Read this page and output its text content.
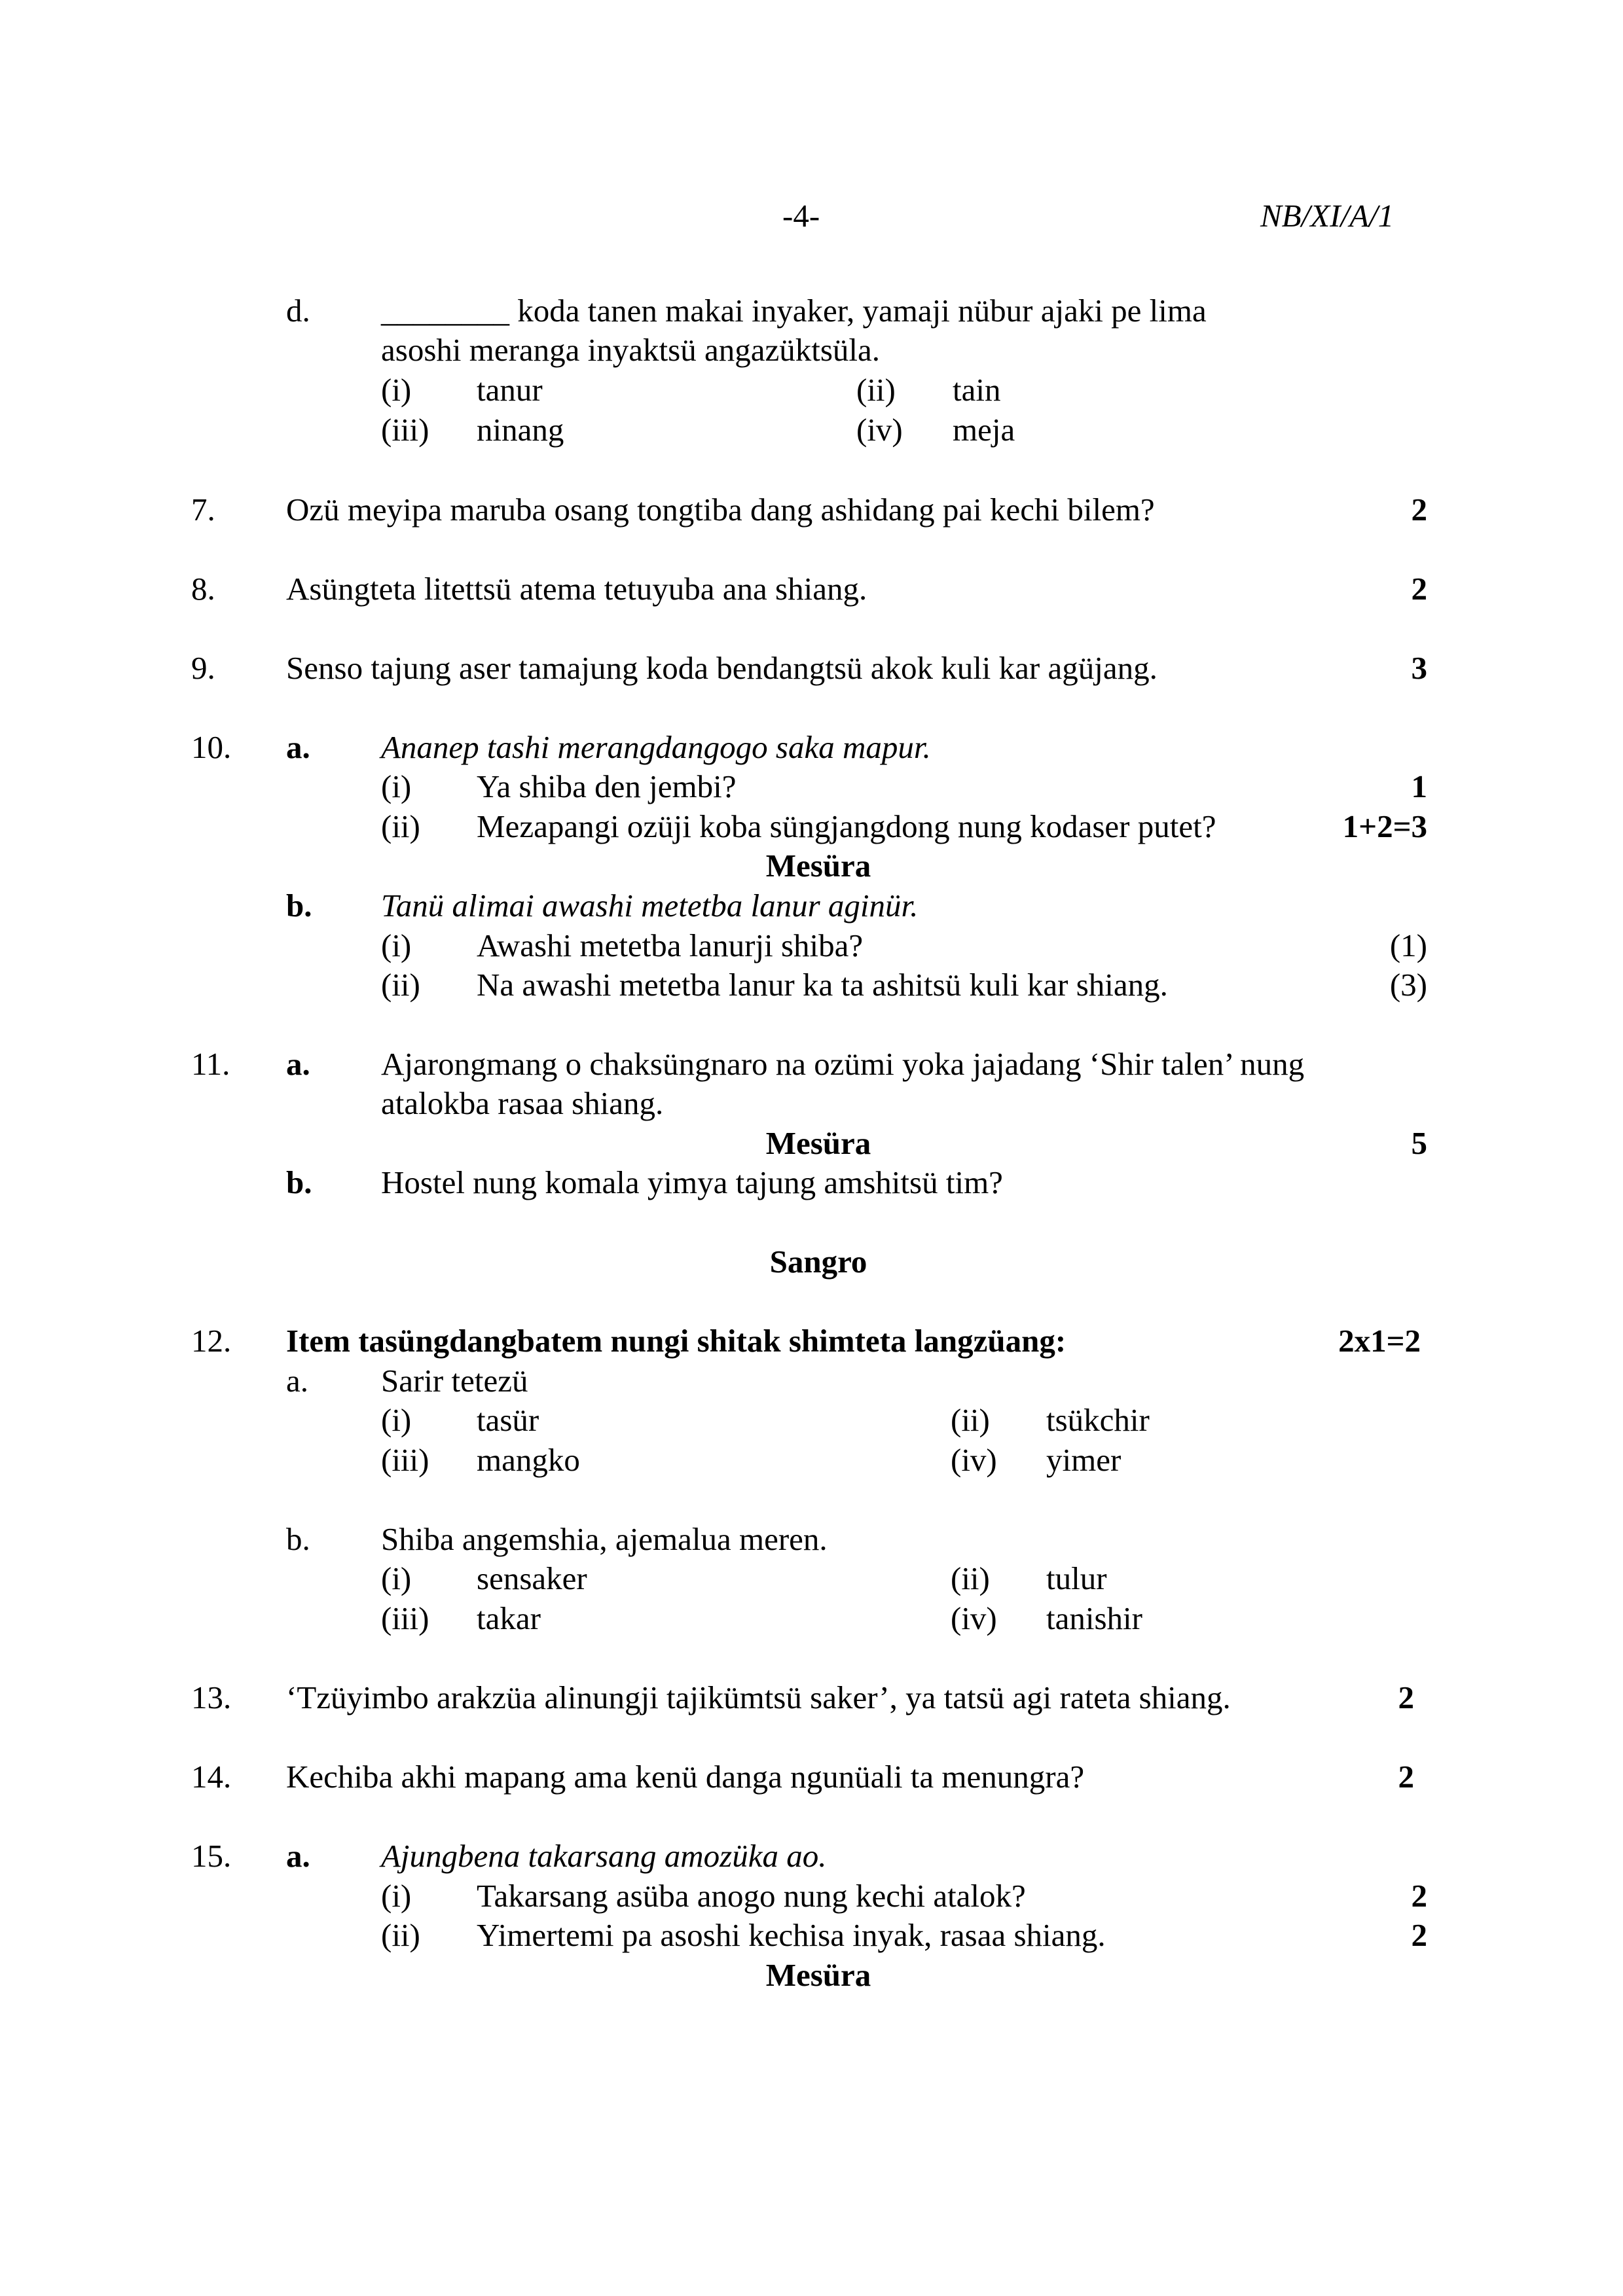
-4-	NB/XI/A/1
d. ________ koda tanen makai inyaker, yamaji nübur ajaki pe lima
asoshi meranga inyaktsü angazüktsüla.
(i) tanur	(ii) tain
(iii) ninang	(iv) meja
7. Ozü meyipa maruba osang tongtiba dang ashidang pai kechi bilem?	2
8. Asüngteta litettsü atema tetuyuba ana shiang.	2
9. Senso tajung aser tamajung koda bendangtsü akok kuli kar agüjang.	3
10. a. Ananep tashi merangdangogo saka mapur.
(i) Ya shiba den jembi?	1
(ii) Mezapangi ozüji koba süngjangdong nung kodaser putet?	1+2=3
Mesüra
b. Tanü alimai awashi metetba lanur aginür.
(i) Awashi metetba lanurji shiba?	(1)
(ii) Na awashi metetba lanur ka ta ashitsü kuli kar shiang.	(3)
11. a. Ajarongmang o chaksüngnaro na ozümi yoka jajadang ‘Shir talen’ nung
atalokba rasaa shiang.
Mesüra	5
b. Hostel nung komala yimya tajung amshitsü tim?
Sangro
12. Item tasüngdangbatem nungi shitak shimteta langzüang:	2x1=2
a. Sarir tetezü
(i) tasür	(ii) tsükchir
(iii) mangko	(iv) yimer
b. Shiba angemshia, ajemalua meren.
(i) sensaker	(ii) tulur
(iii) takar	(iv) tanishir
13. ‘Tzüyimbo arakzüa alinungji tajikümtsü saker’, ya tatsü agi rateta shiang.	2
14. Kechiba akhi mapang ama kenü danga ngunüali ta menungra?	2
15. a. Ajungbena takarsang amozüka ao.
(i) Takarsang asüba anogo nung kechi atalok?	2
(ii) Yimertemi pa asoshi kechisa inyak, rasaa shiang.	2
Mesüra
